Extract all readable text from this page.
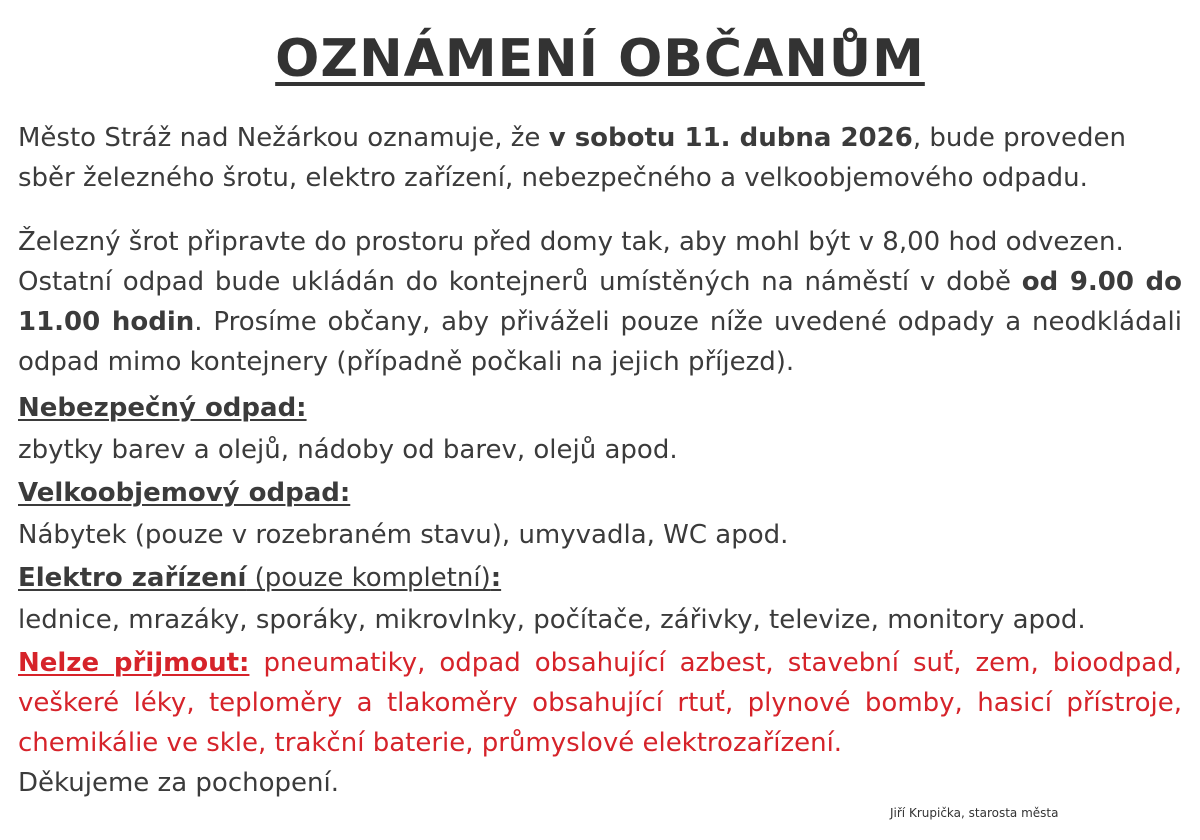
OZNÁMENÍ OBČANŮM
Město Stráž nad Nežárkou oznamuje, že v sobotu 11. dubna 2026, bude proveden
sběr železného šrotu, elektro zařízení, nebezpečného a velkoobjemového odpadu.
Železný šrot připravte do prostoru před domy tak, aby mohl být v 8,00 hod odvezen.
Ostatní odpad bude ukládán do kontejnerů umístěných na náměstí v době od 9.00 do 11.00 hodin. Prosíme občany, aby přiváželi pouze níže uvedené odpady a neodkládali odpad mimo kontejnery (případně počkali na jejich příjezd).
Nebezpečný odpad:
zbytky barev a olejů, nádoby od barev, olejů apod.
Velkoobjemový odpad:
Nábytek (pouze v rozebraném stavu), umyvadla, WC apod.
Elektro zařízení (pouze kompletní):
lednice, mrazáky, sporáky, mikrovlnky, počítače, zářivky, televize, monitory apod.
Nelze přijmout: pneumatiky, odpad obsahující azbest, stavební suť, zem, bioodpad, veškeré léky, teploměry a tlakoměry obsahující rtuť, plynové bomby, hasicí přístroje, chemikálie ve skle, trakční baterie, průmyslové elektrozařízení.
Děkujeme za pochopení.
Jiří Krupička, starosta města
